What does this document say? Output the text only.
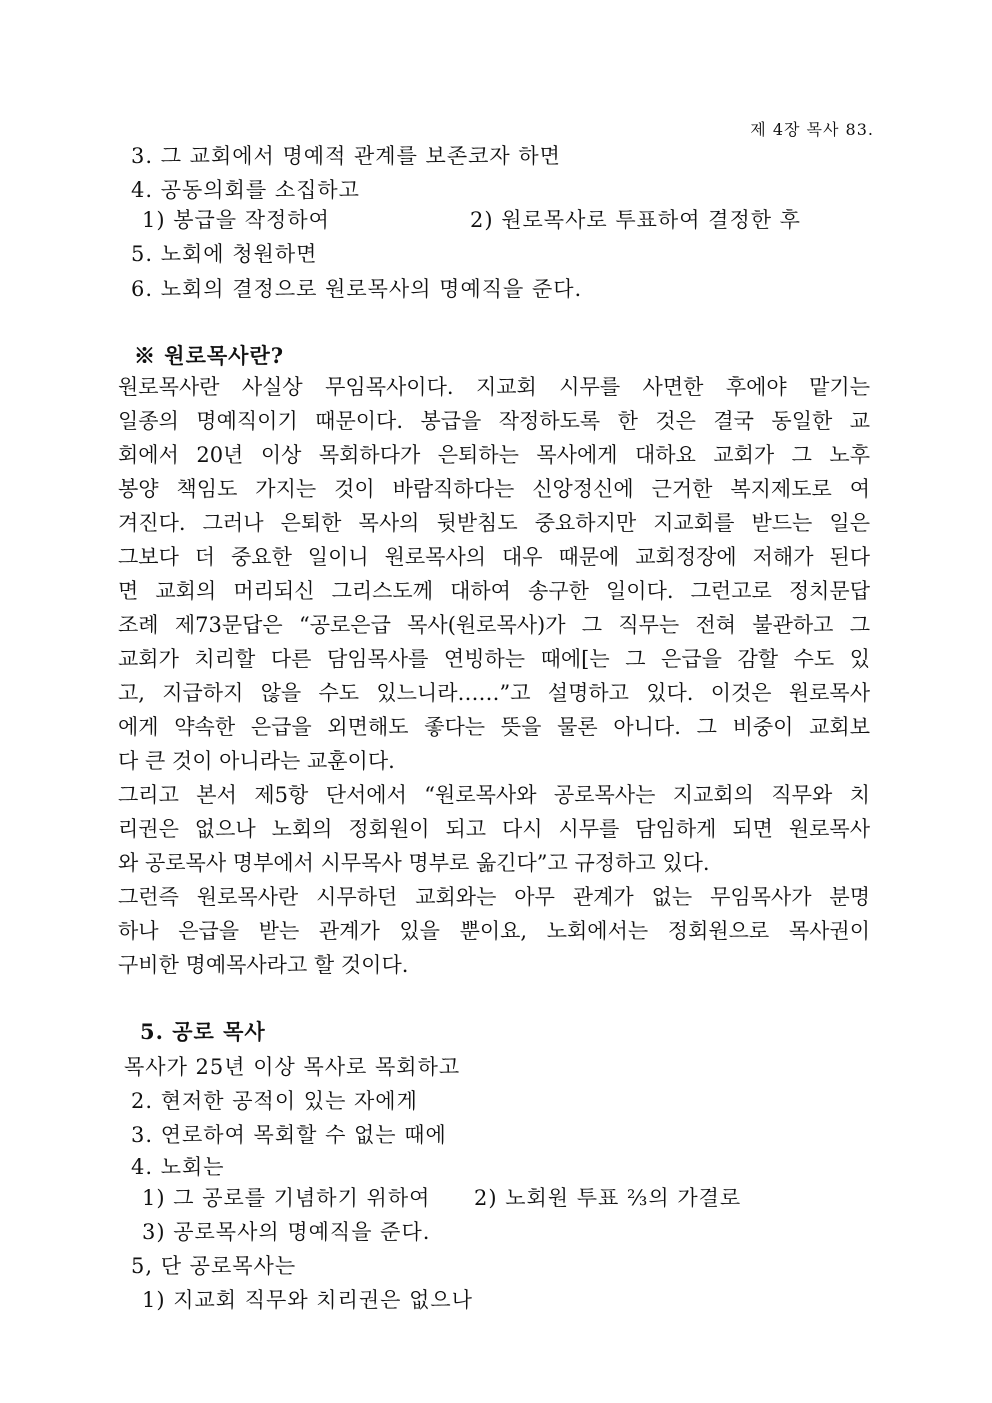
제 4장 목사 83.
3. 그 교회에서 명예적 관계를 보존코자 하면
4. 공동의회를 소집하고
1) 봉급을 작정하여	2) 원로목사로 투표하여 결정한 후
5. 노회에 청원하면
6. 노회의 결정으로 원로목사의 명예직을 준다.
※ 원로목사란?
원로목사란 사실상 무임목사이다. 지교회 시무를 사면한 후에야 맡기는
일종의 명예직이기 때문이다. 봉급을 작정하도록 한 것은 결국 동일한 교
회에서 20년 이상 목회하다가 은퇴하는 목사에게 대하요 교회가 그 노후
봉양 책임도 가지는 것이 바람직하다는 신앙정신에 근거한 복지제도로 여
겨진다. 그러나 은퇴한 목사의 뒷받침도 중요하지만 지교회를 받드는 일은
그보다 더 중요한 일이니 원로목사의 대우 때문에 교회정장에 저해가 된다
면 교회의 머리되신 그리스도께 대하여 송구한 일이다. 그런고로 정치문답
조례 제73문답은 “공로은급 목사(원로목사)가 그 직무는 전혀 불관하고 그
교회가 치리할 다른 담임목사를 연빙하는 때에[는 그 은급을 감할 수도 있
고, 지급하지 않을 수도 있느니라……”고 설명하고 있다. 이것은 원로목사
에게 약속한 은급을 외면해도 좋다는 뜻을 물론 아니다. 그 비중이 교회보
다 큰 것이 아니라는 교훈이다.
그리고 본서 제5항 단서에서 “원로목사와 공로목사는 지교회의 직무와 치
리권은 없으나 노회의 정회원이 되고 다시 시무를 담임하게 되면 원로목사
와 공로목사 명부에서 시무목사 명부로 옮긴다”고 규정하고 있다.
그런즉 원로목사란 시무하던 교회와는 아무 관계가 없는 무임목사가 분명
하나 은급을 받는 관계가 있을 뿐이요, 노회에서는 정회원으로 목사권이
구비한 명예목사라고 할 것이다.
5. 공로 목사
목사가 25년 이상 목사로 목회하고
2. 현저한 공적이 있는 자에게
3. 연로하여 목회할 수 없는 때에
4. 노회는
1) 그 공로를 기념하기 위하여 2) 노회원 투표 ⅔의 가결로
3) 공로목사의 명예직을 준다.
5, 단 공로목사는
1) 지교회 직무와 치리권은 없으나
